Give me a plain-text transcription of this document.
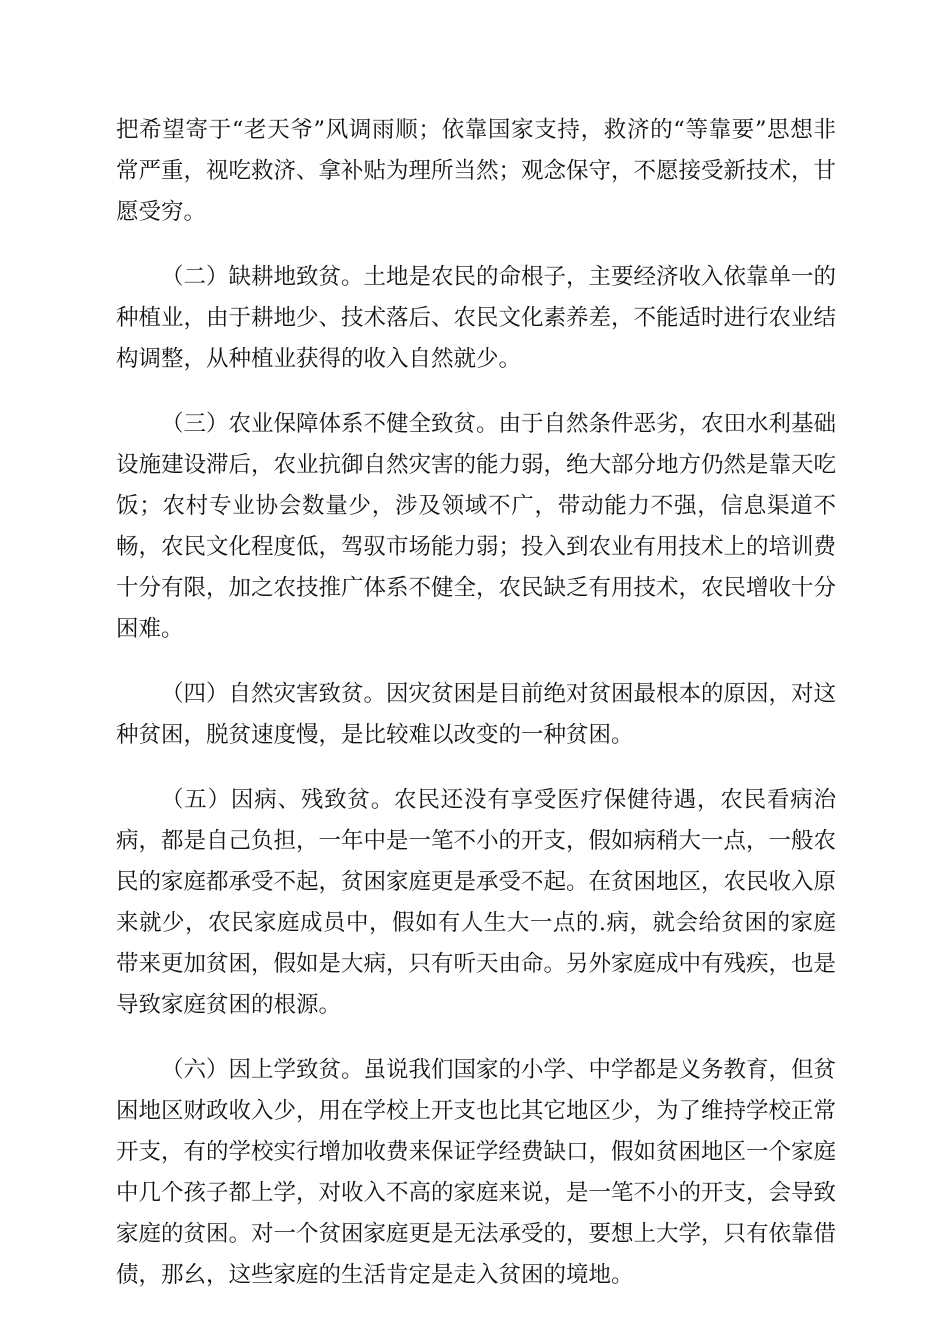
把希望寄于“老天爷”风调雨顺；依靠国家支持，救济的“等靠要”思想非常严重，视吃救济、拿补贴为理所当然；观念保守，不愿接受新技术，甘愿受穷。

（二）缺耕地致贫。土地是农民的命根子，主要经济收入依靠单一的种植业，由于耕地少、技术落后、农民文化素养差，不能适时进行农业结构调整，从种植业获得的收入自然就少。

（三）农业保障体系不健全致贫。由于自然条件恶劣，农田水利基础设施建设滞后，农业抗御自然灾害的能力弱，绝大部分地方仍然是靠天吃饭；农村专业协会数量少，涉及领域不广，带动能力不强，信息渠道不畅，农民文化程度低，驾驭市场能力弱；投入到农业有用技术上的培训费十分有限，加之农技推广体系不健全，农民缺乏有用技术，农民增收十分困难。

（四）自然灾害致贫。因灾贫困是目前绝对贫困最根本的原因，对这种贫困，脱贫速度慢，是比较难以改变的一种贫困。

（五）因病、残致贫。农民还没有享受医疗保健待遇，农民看病治病，都是自己负担，一年中是一笔不小的开支，假如病稍大一点，一般农民的家庭都承受不起，贫困家庭更是承受不起。在贫困地区，农民收入原来就少，农民家庭成员中，假如有人生大一点的.病，就会给贫困的家庭带来更加贫困，假如是大病，只有听天由命。另外家庭成中有残疾，也是导致家庭贫困的根源。

（六）因上学致贫。虽说我们国家的小学、中学都是义务教育，但贫困地区财政收入少，用在学校上开支也比其它地区少，为了维持学校正常开支，有的学校实行增加收费来保证学经费缺口，假如贫困地区一个家庭中几个孩子都上学，对收入不高的家庭来说，是一笔不小的开支，会导致家庭的贫困。对一个贫困家庭更是无法承受的，要想上大学，只有依靠借债，那幺，这些家庭的生活肯定是走入贫困的境地。
